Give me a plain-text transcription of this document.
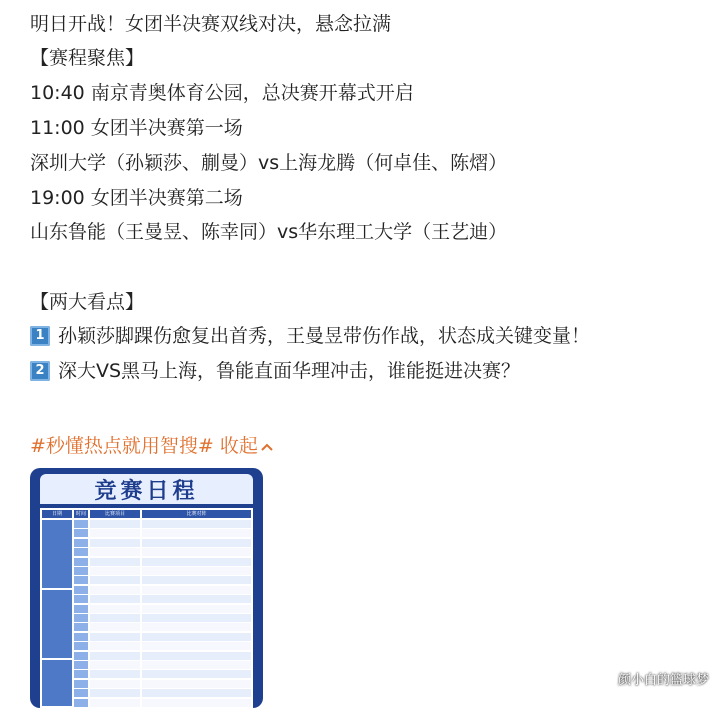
明日开战！女团半决赛双线对决，悬念拉满
【赛程聚焦】
10:40 南京青奥体育公园，总决赛开幕式开启
11:00 女团半决赛第一场
深圳大学（孙颖莎、蒯曼）vs上海龙腾（何卓佳、陈熠）
19:00 女团半决赛第二场
山东鲁能（王曼昱、陈幸同）vs华东理工大学（王艺迪）
【两大看点】
1 孙颖莎脚踝伤愈复出首秀，王曼昱带伤作战，状态成关键变量！
2 深大VS黑马上海，鲁能直面华理冲击，谁能挺进决赛？
#秒懂热点就用智搜# 收起
竞赛日程
日期	时间	比赛项目	比赛对阵
颜小白的篮球梦
